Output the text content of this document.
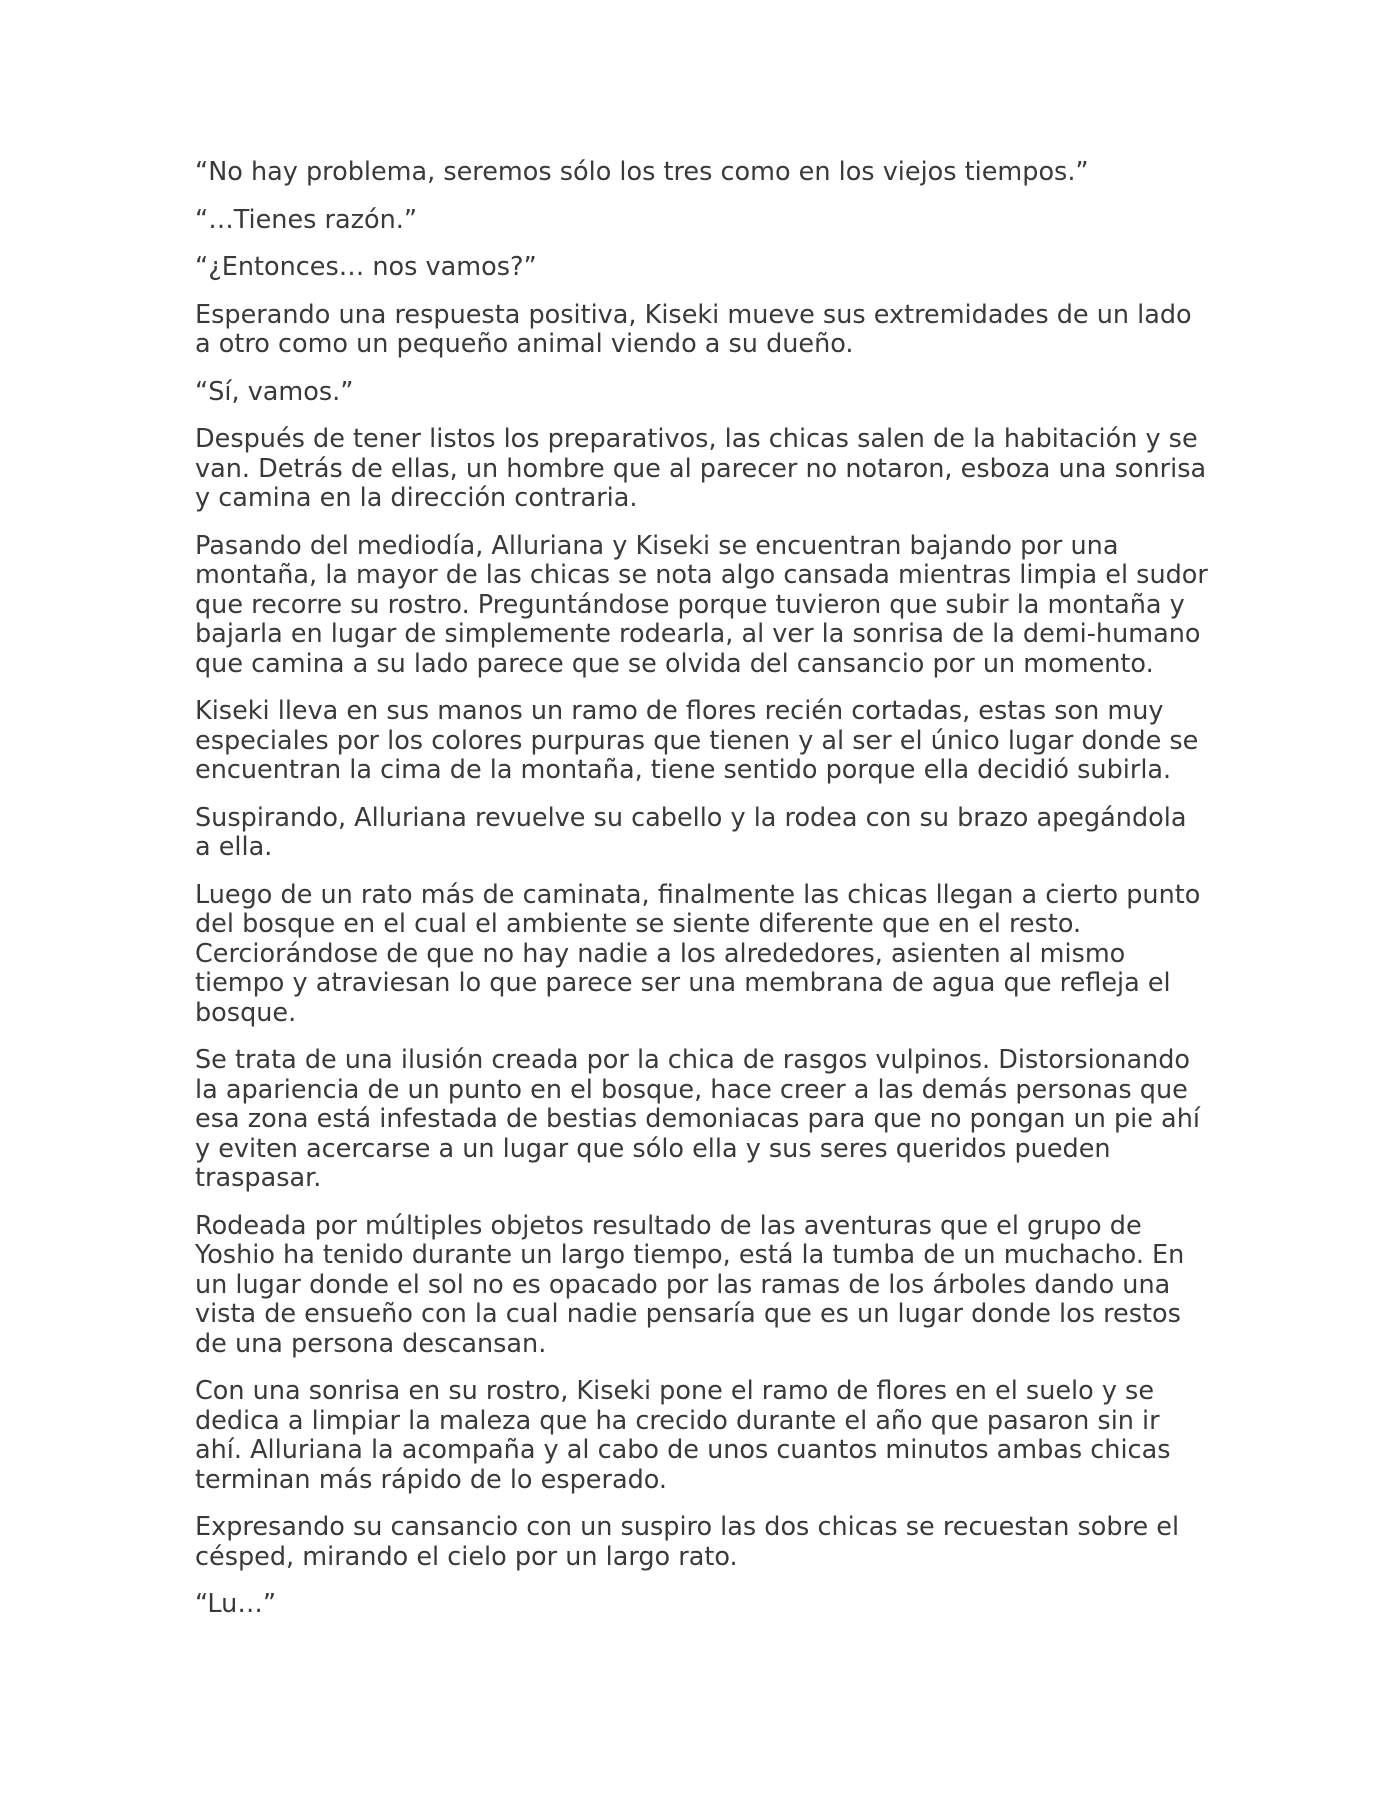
“No hay problema, seremos sólo los tres como en los viejos tiempos.”

“…Tienes razón.”

“¿Entonces… nos vamos?”

Esperando una respuesta positiva, Kiseki mueve sus extremidades de un lado a otro como un pequeño animal viendo a su dueño.

“Sí, vamos.”

Después de tener listos los preparativos, las chicas salen de la habitación y se van. Detrás de ellas, un hombre que al parecer no notaron, esboza una sonrisa y camina en la dirección contraria.

Pasando del mediodía, Alluriana y Kiseki se encuentran bajando por una montaña, la mayor de las chicas se nota algo cansada mientras limpia el sudor que recorre su rostro. Preguntándose porque tuvieron que subir la montaña y bajarla en lugar de simplemente rodearla, al ver la sonrisa de la demi-humano que camina a su lado parece que se olvida del cansancio por un momento.

Kiseki lleva en sus manos un ramo de flores recién cortadas, estas son muy especiales por los colores purpuras que tienen y al ser el único lugar donde se encuentran la cima de la montaña, tiene sentido porque ella decidió subirla.

Suspirando, Alluriana revuelve su cabello y la rodea con su brazo apegándola a ella.

Luego de un rato más de caminata, finalmente las chicas llegan a cierto punto del bosque en el cual el ambiente se siente diferente que en el resto. Cerciorándose de que no hay nadie a los alrededores, asienten al mismo tiempo y atraviesan lo que parece ser una membrana de agua que refleja el bosque.

Se trata de una ilusión creada por la chica de rasgos vulpinos. Distorsionando la apariencia de un punto en el bosque, hace creer a las demás personas que esa zona está infestada de bestias demoniacas para que no pongan un pie ahí y eviten acercarse a un lugar que sólo ella y sus seres queridos pueden traspasar.

Rodeada por múltiples objetos resultado de las aventuras que el grupo de Yoshio ha tenido durante un largo tiempo, está la tumba de un muchacho. En un lugar donde el sol no es opacado por las ramas de los árboles dando una vista de ensueño con la cual nadie pensaría que es un lugar donde los restos de una persona descansan.

Con una sonrisa en su rostro, Kiseki pone el ramo de flores en el suelo y se dedica a limpiar la maleza que ha crecido durante el año que pasaron sin ir ahí. Alluriana la acompaña y al cabo de unos cuantos minutos ambas chicas terminan más rápido de lo esperado.

Expresando su cansancio con un suspiro las dos chicas se recuestan sobre el césped, mirando el cielo por un largo rato.

“Lu…”
